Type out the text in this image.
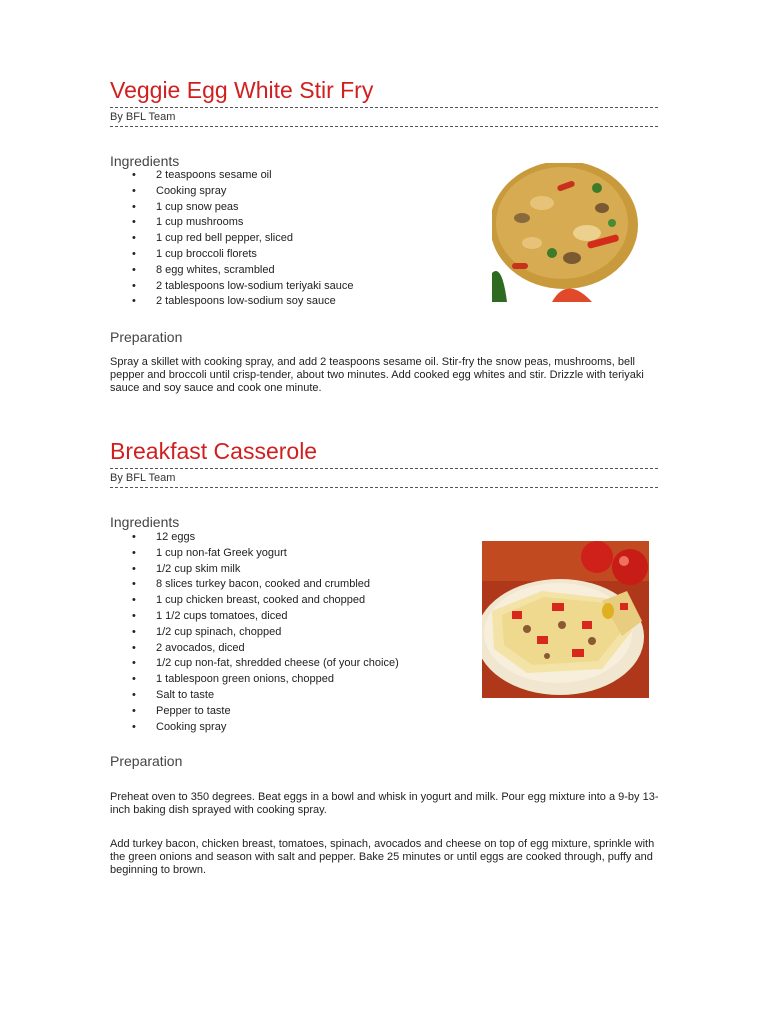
Veggie Egg White Stir Fry
By BFL Team
Ingredients
• 2 teaspoons sesame oil
• Cooking spray
• 1 cup snow peas
• 1 cup mushrooms
• 1 cup red bell pepper, sliced
• 1 cup broccoli florets
• 8 egg whites, scrambled
• 2 tablespoons low-sodium teriyaki sauce
• 2 tablespoons low-sodium soy sauce
Preparation

Spray a skillet with cooking spray, and add 2 teaspoons sesame oil. Stir-fry the snow peas, mushrooms, bell pepper and broccoli until crisp-tender, about two minutes. Add cooked egg whites and stir. Drizzle with teriyaki sauce and soy sauce and cook one minute.

Breakfast Casserole
By BFL Team
Ingredients
• 12 eggs
• 1 cup non-fat Greek yogurt
• 1/2 cup skim milk
• 8 slices turkey bacon, cooked and crumbled
• 1 cup chicken breast, cooked and chopped
• 1 1/2 cups tomatoes, diced
• 1/2 cup spinach, chopped
• 2 avocados, diced
• 1/2 cup non-fat, shredded cheese (of your choice)
• 1 tablespoon green onions, chopped
• Salt to taste
• Pepper to taste
• Cooking spray
Preparation

Preheat oven to 350 degrees. Beat eggs in a bowl and whisk in yogurt and milk. Pour egg mixture into a 9-by 13-inch baking dish sprayed with cooking spray.

Add turkey bacon, chicken breast, tomatoes, spinach, avocados and cheese on top of egg mixture, sprinkle with the green onions and season with salt and pepper. Bake 25 minutes or until eggs are cooked through, puffy and beginning to brown.
